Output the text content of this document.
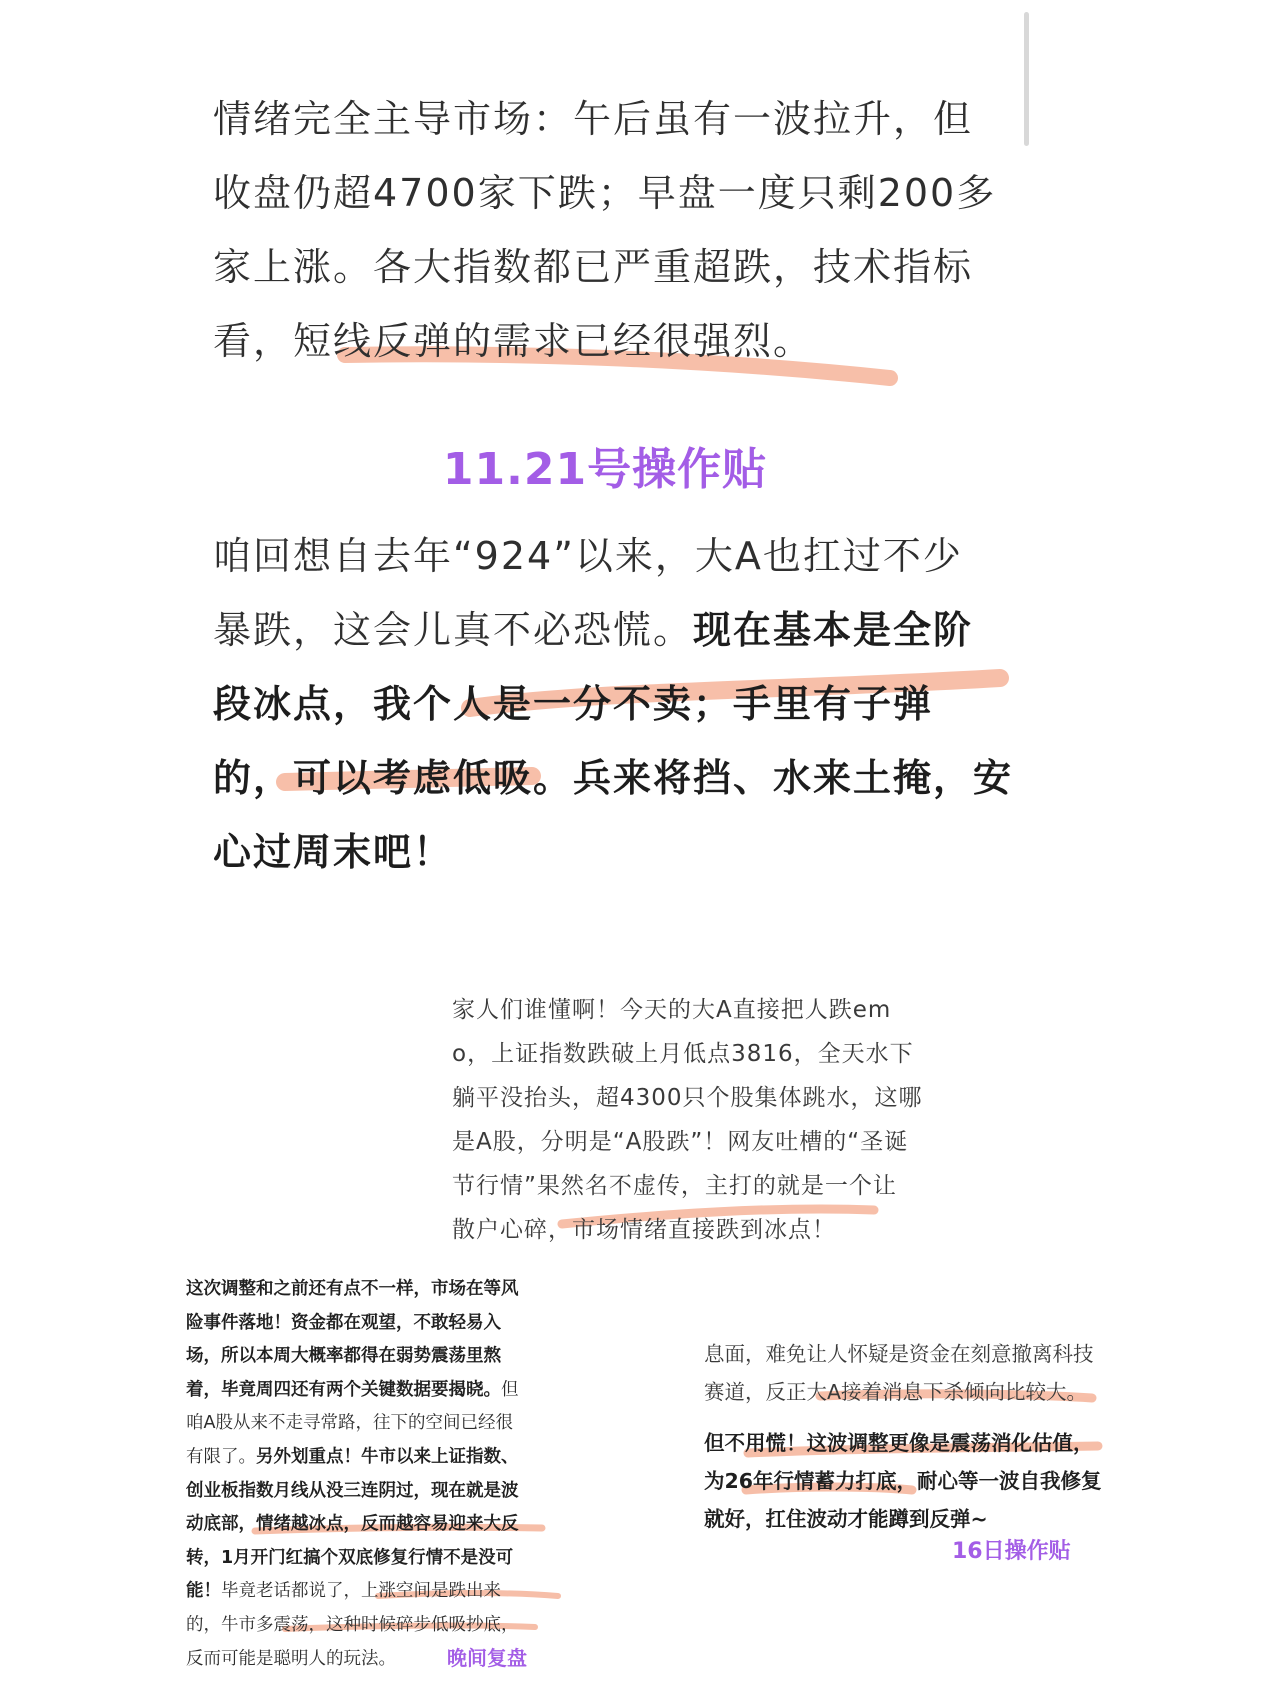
情绪完全主导市场：午后虽有一波拉升，但
收盘仍超4700家下跌；早盘一度只剩200多
家上涨。各大指数都已严重超跌，技术指标
看，短线反弹的需求已经很强烈。

11.21号操作贴

咱回想自去年“924”以来，大A也扛过不少
暴跌，这会儿真不必恐慌。现在基本是全阶
段冰点，我个人是一分不卖；手里有子弹
的，可以考虑低吸。兵来将挡、水来土掩，安
心过周末吧！

家人们谁懂啊！今天的大A直接把人跌em
o，上证指数跌破上月低点3816，全天水下
躺平没抬头，超4300只个股集体跳水，这哪
是A股，分明是“A股跌”！网友吐槽的“圣诞
节行情”果然名不虚传，主打的就是一个让
散户心碎，市场情绪直接跌到冰点！

这次调整和之前还有点不一样，市场在等风
险事件落地！资金都在观望，不敢轻易入
场，所以本周大概率都得在弱势震荡里熬
着，毕竟周四还有两个关键数据要揭晓。但
咱A股从来不走寻常路，往下的空间已经很
有限了。另外划重点！牛市以来上证指数、
创业板指数月线从没三连阴过，现在就是波
动底部，情绪越冰点，反而越容易迎来大反
转，1月开门红搞个双底修复行情不是没可
能！毕竟老话都说了，上涨空间是跌出来
的，牛市多震荡，这种时候碎步低吸抄底，
反而可能是聪明人的玩法。	晚间复盘

息面，难免让人怀疑是资金在刻意撤离科技
赛道，反正大A接着消息下杀倾向比较大。

但不用慌！这波调整更像是震荡消化估值，
为26年行情蓄力打底，耐心等一波自我修复
就好，扛住波动才能蹲到反弹~

16日操作贴
